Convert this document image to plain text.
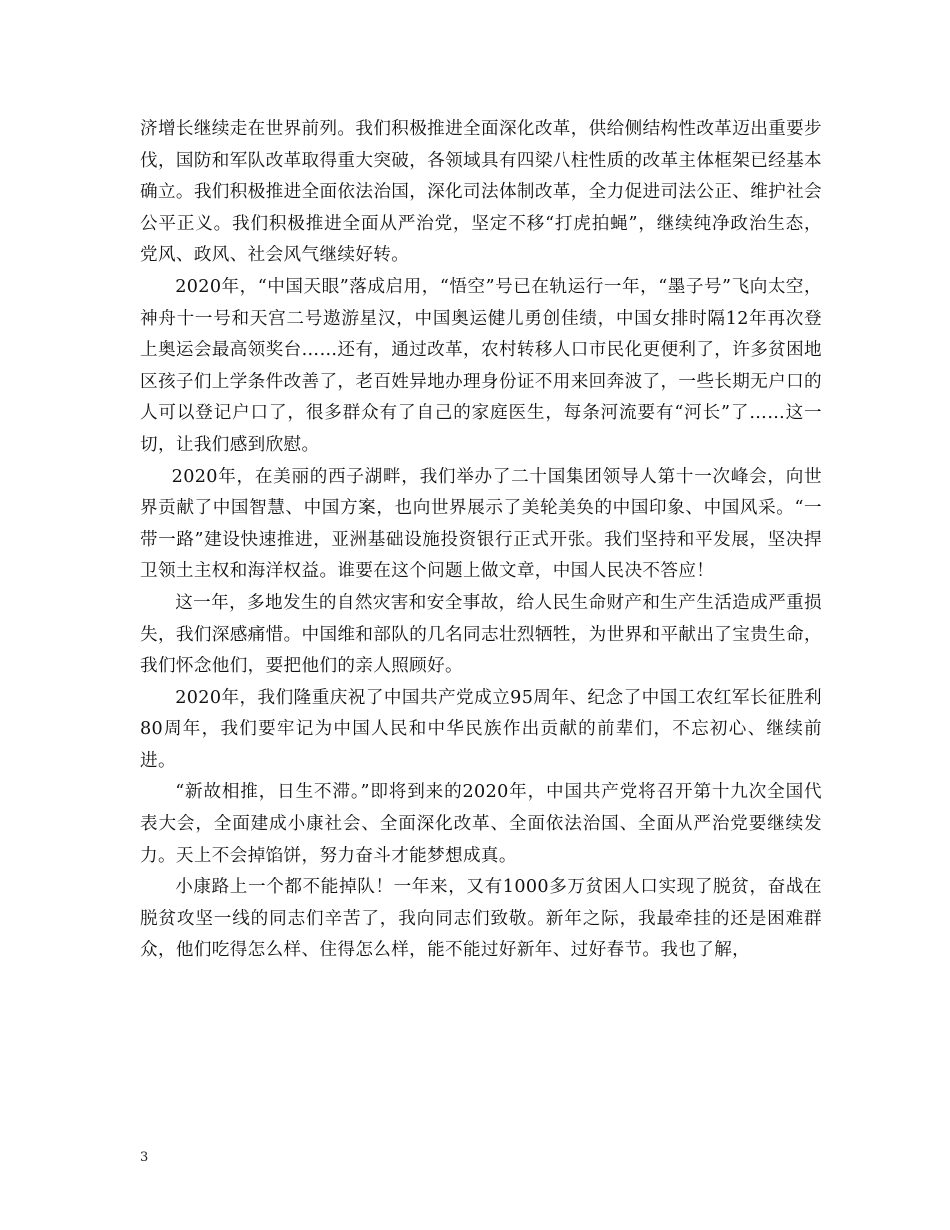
济增长继续走在世界前列。我们积极推进全面深化改革，供给侧结构性改革迈出重要步伐，国防和军队改革取得重大突破，各领域具有四梁八柱性质的改革主体框架已经基本确立。我们积极推进全面依法治国，深化司法体制改革，全力促进司法公正、维护社会公平正义。我们积极推进全面从严治党，坚定不移“打虎拍蝇”，继续纯净政治生态，党风、政风、社会风气继续好转。

2020年，“中国天眼”落成启用，“悟空”号已在轨运行一年，“墨子号”飞向太空，神舟十一号和天宫二号遨游星汉，中国奥运健儿勇创佳绩，中国女排时隔12年再次登上奥运会最高领奖台……还有，通过改革，农村转移人口市民化更便利了，许多贫困地区孩子们上学条件改善了，老百姓异地办理身份证不用来回奔波了，一些长期无户口的人可以登记户口了，很多群众有了自己的家庭医生，每条河流要有“河长”了……这一切，让我们感到欣慰。

2020年，在美丽的西子湖畔，我们举办了二十国集团领导人第十一次峰会，向世界贡献了中国智慧、中国方案，也向世界展示了美轮美奂的中国印象、中国风采。“一带一路”建设快速推进，亚洲基础设施投资银行正式开张。我们坚持和平发展，坚决捍卫领土主权和海洋权益。谁要在这个问题上做文章，中国人民决不答应！

这一年，多地发生的自然灾害和安全事故，给人民生命财产和生产生活造成严重损失，我们深感痛惜。中国维和部队的几名同志壮烈牺牲，为世界和平献出了宝贵生命，我们怀念他们，要把他们的亲人照顾好。

2020年，我们隆重庆祝了中国共产党成立95周年、纪念了中国工农红军长征胜利80周年，我们要牢记为中国人民和中华民族作出贡献的前辈们，不忘初心、继续前进。

“新故相推，日生不滞。”即将到来的2020年，中国共产党将召开第十九次全国代表大会，全面建成小康社会、全面深化改革、全面依法治国、全面从严治党要继续发力。天上不会掉馅饼，努力奋斗才能梦想成真。

小康路上一个都不能掉队！一年来，又有1000多万贫困人口实现了脱贫，奋战在脱贫攻坚一线的同志们辛苦了，我向同志们致敬。新年之际，我最牵挂的还是困难群众，他们吃得怎么样、住得怎么样，能不能过好新年、过好春节。我也了解，

3
